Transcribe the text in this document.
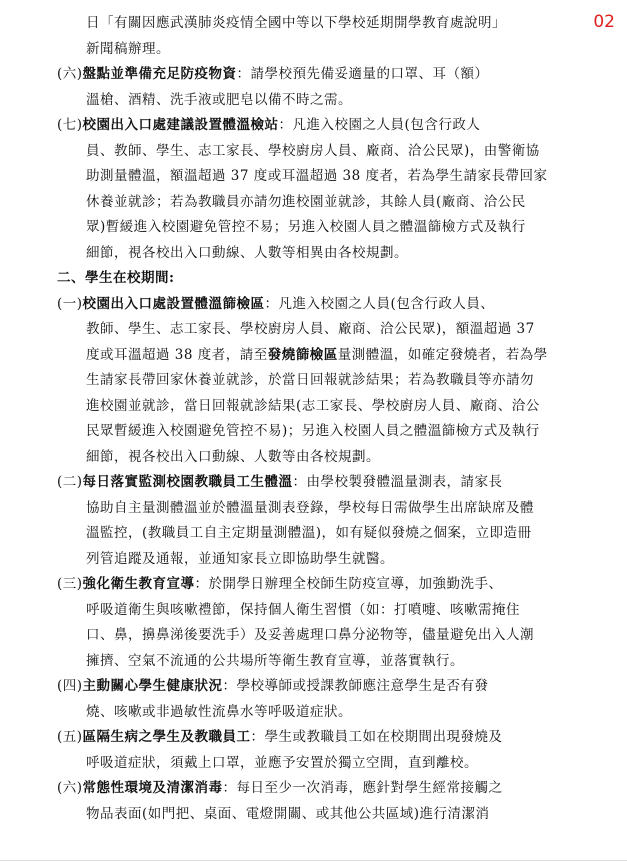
02
日「有關因應武漢肺炎疫情全國中等以下學校延期開學教育處說明」
新聞稿辦理。
(六)盤點並準備充足防疫物資：請學校預先備妥適量的口罩、耳（額）
溫槍、酒精、洗手液或肥皂以備不時之需。
(七)校園出入口處建議設置體溫檢站：凡進入校園之人員(包含行政人
員、教師、學生、志工家長、學校廚房人員、廠商、洽公民眾)，由警衛協
助測量體溫，額溫超過 37 度或耳溫超過 38 度者，若為學生請家長帶回家
休養並就診；若為教職員亦請勿進校園並就診，其餘人員(廠商、洽公民
眾)暫緩進入校園避免管控不易；另進入校園人員之體溫篩檢方式及執行
細節，視各校出入口動線、人數等相異由各校規劃。
二、學生在校期間:
(一)校園出入口處設置體溫篩檢區：凡進入校園之人員(包含行政人員、
教師、學生、志工家長、學校廚房人員、廠商、洽公民眾)，額溫超過 37
度或耳溫超過 38 度者，請至發燒篩檢區量測體溫，如確定發燒者，若為學
生請家長帶回家休養並就診，於當日回報就診結果；若為教職員等亦請勿
進校園並就診，當日回報就診結果(志工家長、學校廚房人員、廠商、洽公
民眾暫緩進入校園避免管控不易)；另進入校園人員之體溫篩檢方式及執行
細節，視各校出入口動線、人數等由各校規劃。
(二)每日落實監測校園教職員工生體溫：由學校製發體溫量測表，請家長
協助自主量測體溫並於體溫量測表登錄，學校每日需做學生出席缺席及體
溫監控，(教職員工自主定期量測體溫)，如有疑似發燒之個案，立即造冊
列管追蹤及通報，並通知家長立即協助學生就醫。
(三)強化衛生教育宣導：於開學日辦理全校師生防疫宣導，加強勤洗手、
呼吸道衛生與咳嗽禮節，保持個人衛生習慣（如：打噴嚏、咳嗽需掩住
口、鼻，擤鼻涕後要洗手）及妥善處理口鼻分泌物等，儘量避免出入人潮
擁擠、空氣不流通的公共場所等衛生教育宣導，並落實執行。
(四)主動關心學生健康狀況：學校導師或授課教師應注意學生是否有發
燒、咳嗽或非過敏性流鼻水等呼吸道症狀。
(五)區隔生病之學生及教職員工：學生或教職員工如在校期間出現發燒及
呼吸道症狀，須戴上口罩，並應予安置於獨立空間，直到離校。
(六)常態性環境及清潔消毒：每日至少一次消毒，應針對學生經常接觸之
物品表面(如門把、桌面、電燈開關、或其他公共區域)進行清潔消
